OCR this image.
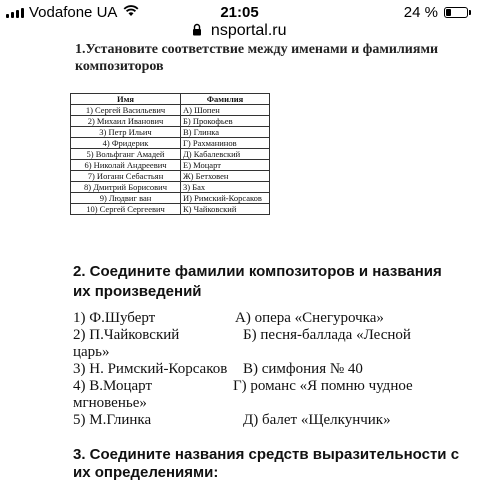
Vodafone UA	21:05	24 %
nsportal.ru
1.Установите соответствие между именами и фамилиями композиторов
Имя	Фамилия
1) Сергей Васильевич	А) Шопен
2) Михаил Иванович	Б) Прокофьев
3) Петр Ильич	В) Глинка
4) Фридерик	Г) Рахманинов
5) Вольфганг Амадей	Д) Кабалевский
6) Николай Андреевич	Е) Моцарт
7) Иоганн Себастьян	Ж) Бетховен
8) Дмитрий Борисович	З) Бах
9) Людвиг ван	И) Римский-Корсаков
10) Сергей Сергеевич	К) Чайковский
2. Соедините фамилии композиторов и названия их произведений
1) Ф.Шуберт	А) опера «Снегурочка»
2) П.Чайковский	Б) песня-баллада «Лесной
царь»
3) Н. Римский-Корсаков В) симфония № 40
4) В.Моцарт	Г) романс «Я помню чудное
мгновенье»
5) М.Глинка	Д) балет «Щелкунчик»
3. Соедините названия средств выразительности с их определениями:
